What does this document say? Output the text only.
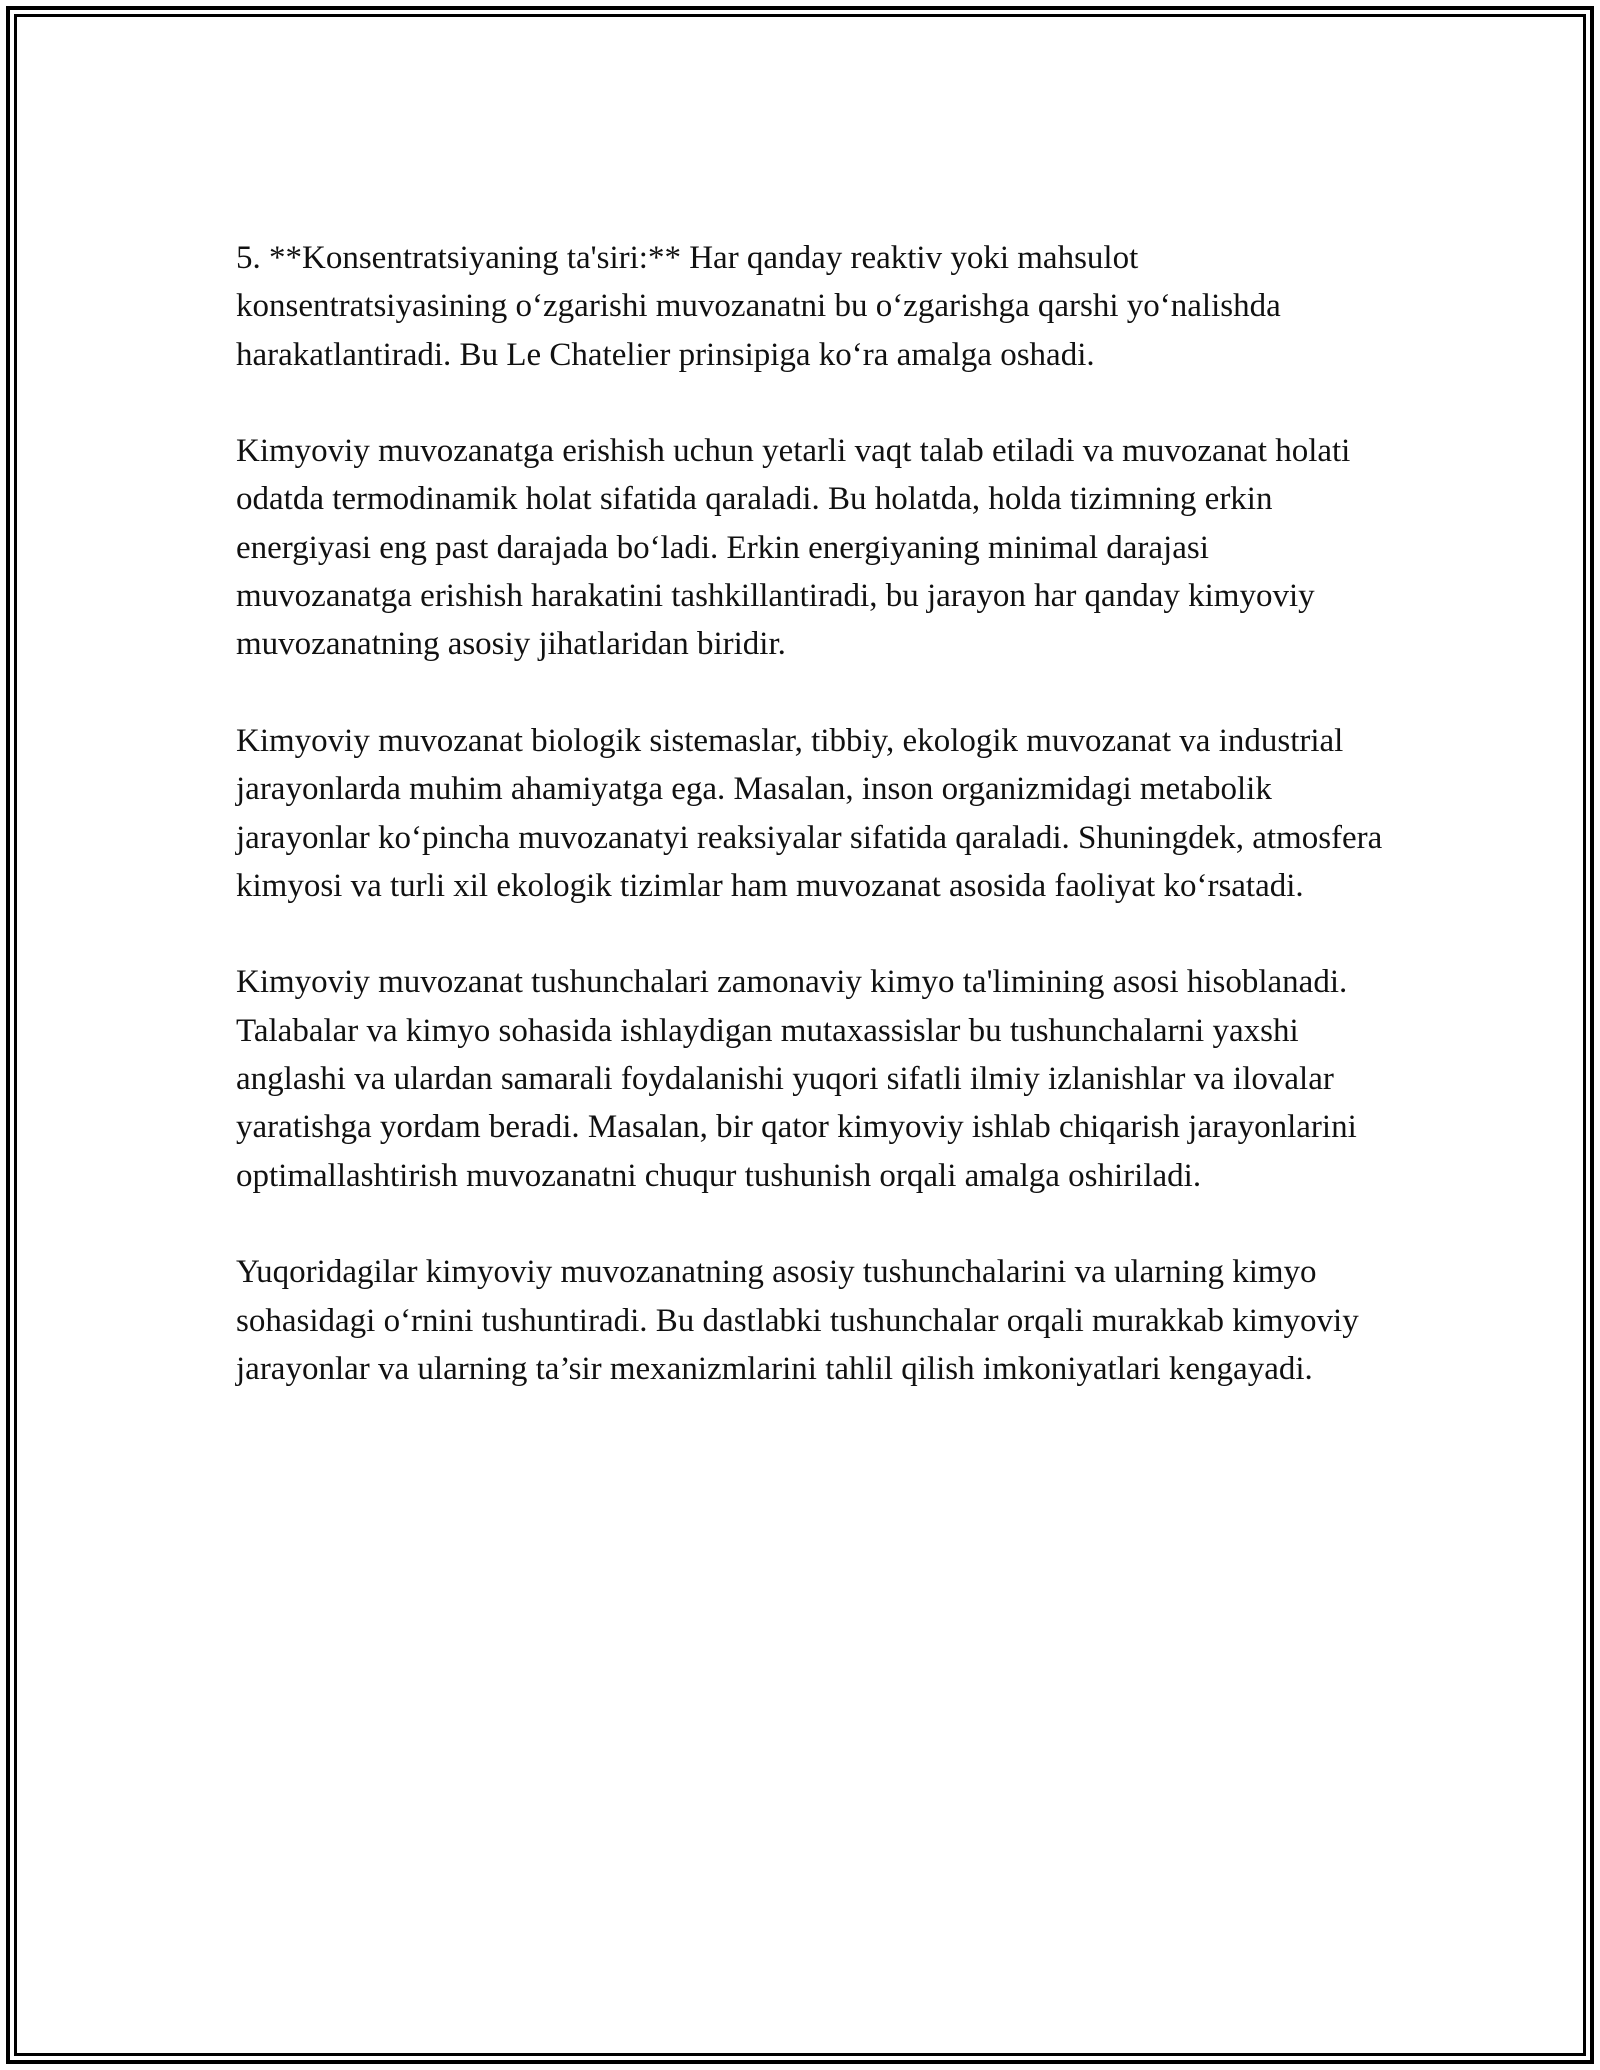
5. **Konsentratsiyaning ta'siri:** Har qanday reaktiv yoki mahsulot konsentratsiyasining o‘zgarishi muvozanatni bu o‘zgarishga qarshi yo‘nalishda harakatlantiradi. Bu Le Chatelier prinsipiga ko‘ra amalga oshadi.

Kimyoviy muvozanatga erishish uchun yetarli vaqt talab etiladi va muvozanat holati odatda termodinamik holat sifatida qaraladi. Bu holatda, holda tizimning erkin energiyasi eng past darajada bo‘ladi. Erkin energiyaning minimal darajasi muvozanatga erishish harakatini tashkillantiradi, bu jarayon har qanday kimyoviy muvozanatning asosiy jihatlaridan biridir.

Kimyoviy muvozanat biologik sistemaslar, tibbiy, ekologik muvozanat va industrial jarayonlarda muhim ahamiyatga ega. Masalan, inson organizmidagi metabolik jarayonlar ko‘pincha muvozanatyi reaksiyalar sifatida qaraladi. Shuningdek, atmosfera kimyosi va turli xil ekologik tizimlar ham muvozanat asosida faoliyat ko‘rsatadi.

Kimyoviy muvozanat tushunchalari zamonaviy kimyo ta'limining asosi hisoblanadi. Talabalar va kimyo sohasida ishlaydigan mutaxassislar bu tushunchalarni yaxshi anglashi va ulardan samarali foydalanishi yuqori sifatli ilmiy izlanishlar va ilovalar yaratishga yordam beradi. Masalan, bir qator kimyoviy ishlab chiqarish jarayonlarini optimallashtirish muvozanatni chuqur tushunish orqali amalga oshiriladi.

Yuqoridagilar kimyoviy muvozanatning asosiy tushunchalarini va ularning kimyo sohasidagi o‘rnini tushuntiradi. Bu dastlabki tushunchalar orqali murakkab kimyoviy jarayonlar va ularning ta’sir mexanizmlarini tahlil qilish imkoniyatlari kengayadi.
